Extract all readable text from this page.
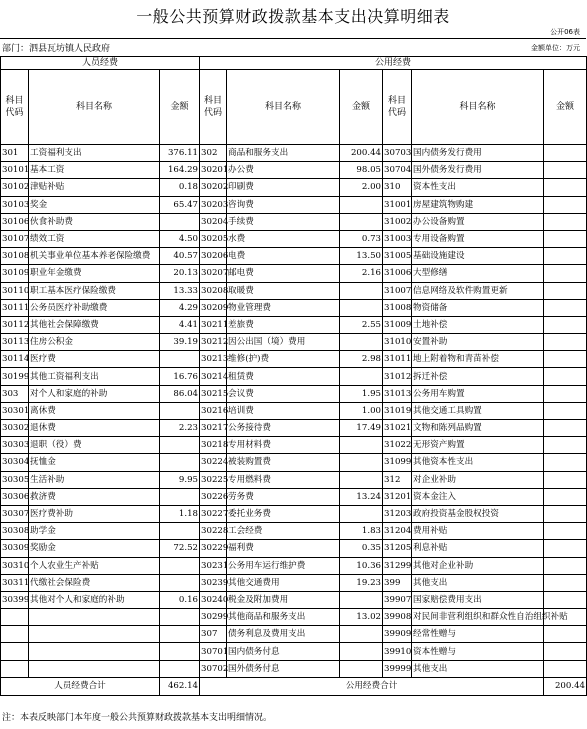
一般公共预算财政拨款基本支出决算明细表
公开06表
部门：泗县瓦坊镇人民政府	金额单位：万元
人员经费			公用经费					
科目代码	科目名称	金额	科目代码	科目名称	金额	科目代码	科目名称	金额
301	工资福利支出	376.11	302	商品和服务支出	200.44	30703	国内债务发行费用	
30101	基本工资	164.29	30201	办公费	98.05	30704	国外债务发行费用	
30102	津贴补贴	0.18	30202	印刷费	2.00	310	资本性支出	
30103	奖金	65.47	30203	咨询费		31001	房屋建筑物购建	
30106	伙食补助费		30204	手续费		31002	办公设备购置	
30107	绩效工资	4.50	30205	水费	0.73	31003	专用设备购置	
30108	机关事业单位基本养老保险缴费	40.57	30206	电费	13.50	31005	基础设施建设	
30109	职业年金缴费	20.13	30207	邮电费	2.16	31006	大型修缮	
30110	职工基本医疗保险缴费	13.33	30208	取暖费		31007	信息网络及软件购置更新	
30111	公务员医疗补助缴费	4.29	30209	物业管理费		31008	物资储备	
30112	其他社会保障缴费	4.41	30211	差旅费	2.55	31009	土地补偿	
30113	住房公积金	39.19	30212	因公出国（境）费用		31010	安置补助	
30114	医疗费		30213	维修(护)费	2.98	31011	地上附着物和青苗补偿	
30199	其他工资福利支出	16.76	30214	租赁费		31012	拆迁补偿	
303	对个人和家庭的补助	86.04	30215	会议费	1.95	31013	公务用车购置	
30301	离休费		30216	培训费	1.00	31019	其他交通工具购置	
30302	退休费	2.23	30217	公务接待费	17.49	31021	文物和陈列品购置	
30303	退职（役）费		30218	专用材料费		31022	无形资产购置	
30304	抚恤金		30224	被装购置费		31099	其他资本性支出	
30305	生活补助	9.95	30225	专用燃料费		312	对企业补助	
30306	救济费		30226	劳务费	13.24	31201	资本金注入	
30307	医疗费补助	1.18	30227	委托业务费		31203	政府投资基金股权投资	
30308	助学金		30228	工会经费	1.83	31204	费用补贴	
30309	奖励金	72.52	30229	福利费	0.35	31205	利息补贴	
30310	个人农业生产补贴		30231	公务用车运行维护费	10.36	31299	其他对企业补助	
30311	代缴社会保险费		30239	其他交通费用	19.23	399	其他支出	
30399	其他对个人和家庭的补助	0.16	30240	税金及附加费用		39907	国家赔偿费用支出	
			30299	其他商品和服务支出	13.02	39908	对民间非营利组织和群众性自治组织补贴	
			307	债务利息及费用支出		39909	经常性赠与	
			30701	国内债务付息		39910	资本性赠与	
			30702	国外债务付息		39999	其他支出	
人员经费合计		462.14	公用经费合计					200.44
注：本表反映部门本年度一般公共预算财政拨款基本支出明细情况。
